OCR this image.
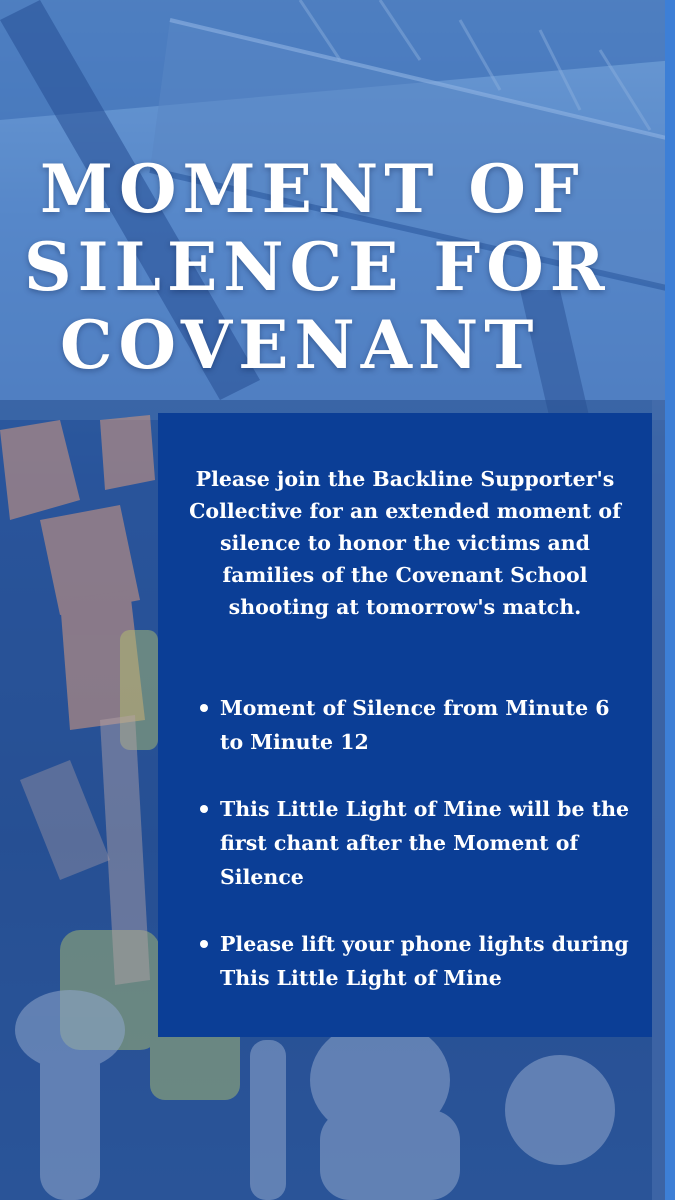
MOMENT OF
SILENCE FOR
COVENANT

Please join the Backline Supporter's Collective for an extended moment of silence to honor the victims and families of the Covenant School shooting at tomorrow's match.

Moment of Silence from Minute 6 to Minute 12
This Little Light of Mine will be the first chant after the Moment of Silence
Please lift your phone lights during This Little Light of Mine
